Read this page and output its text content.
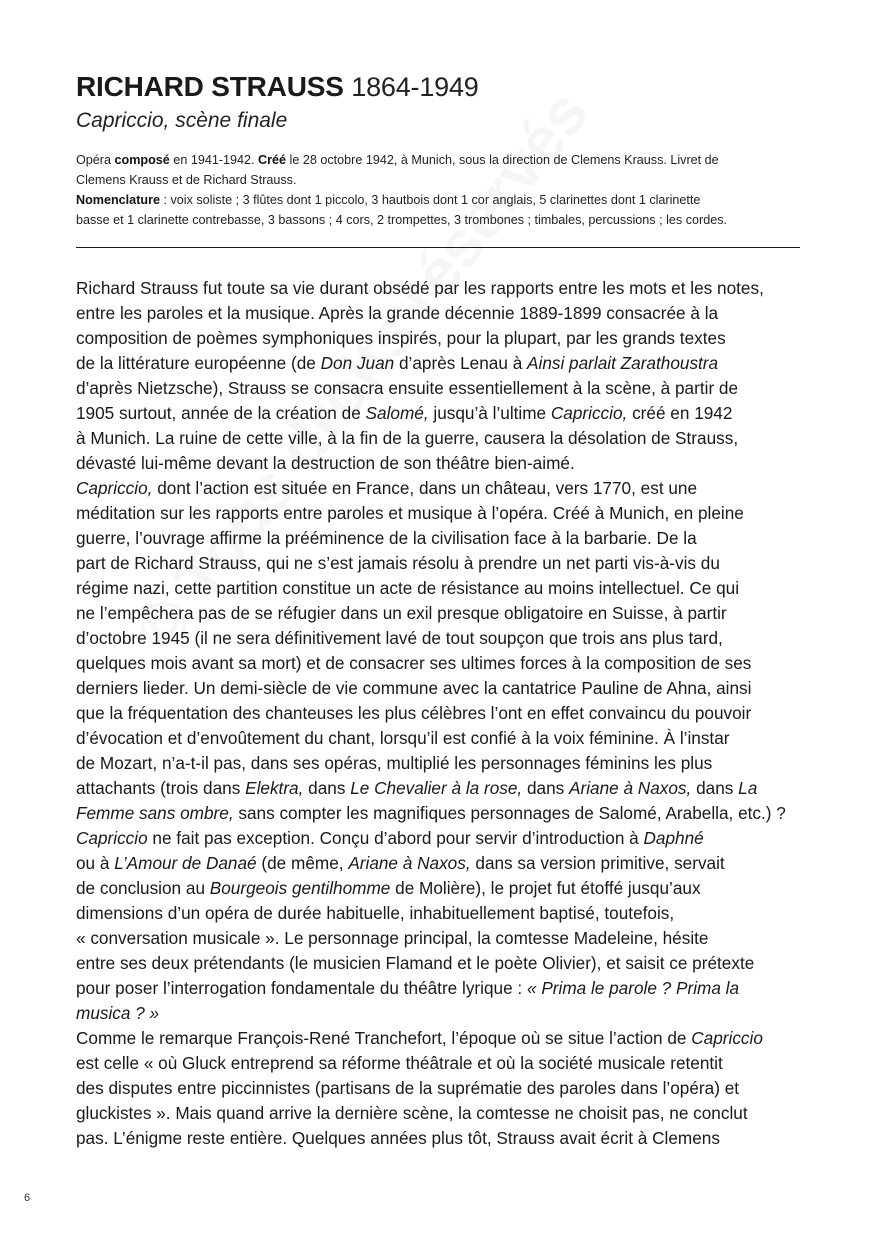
RICHARD STRAUSS 1864-1949
Capriccio, scène finale
Opéra composé en 1941-1942. Créé le 28 octobre 1942, à Munich, sous la direction de Clemens Krauss. Livret de
Clemens Krauss et de Richard Strauss.
Nomenclature : voix soliste ; 3 flûtes dont 1 piccolo, 3 hautbois dont 1 cor anglais, 5 clarinettes dont 1 clarinette
basse et 1 clarinette contrebasse, 3 bassons ; 4 cors, 2 trompettes, 3 trombones ; timbales, percussions ; les cordes.
Richard Strauss fut toute sa vie durant obsédé par les rapports entre les mots et les notes,
entre les paroles et la musique. Après la grande décennie 1889-1899 consacrée à la
composition de poèmes symphoniques inspirés, pour la plupart, par les grands textes
de la littérature européenne (de Don Juan d’après Lenau à Ainsi parlait Zarathoustra
d’après Nietzsche), Strauss se consacra ensuite essentiellement à la scène, à partir de
1905 surtout, année de la création de Salomé, jusqu’à l’ultime Capriccio, créé en 1942
à Munich. La ruine de cette ville, à la fin de la guerre, causera la désolation de Strauss,
dévasté lui-même devant la destruction de son théâtre bien-aimé.
Capriccio, dont l’action est située en France, dans un château, vers 1770, est une
méditation sur les rapports entre paroles et musique à l’opéra. Créé à Munich, en pleine
guerre, l’ouvrage affirme la prééminence de la civilisation face à la barbarie. De la
part de Richard Strauss, qui ne s’est jamais résolu à prendre un net parti vis-à-vis du
régime nazi, cette partition constitue un acte de résistance au moins intellectuel. Ce qui
ne l’empêchera pas de se réfugier dans un exil presque obligatoire en Suisse, à partir
d’octobre 1945 (il ne sera définitivement lavé de tout soupçon que trois ans plus tard,
quelques mois avant sa mort) et de consacrer ses ultimes forces à la composition de ses
derniers lieder. Un demi-siècle de vie commune avec la cantatrice Pauline de Ahna, ainsi
que la fréquentation des chanteuses les plus célèbres l’ont en effet convaincu du pouvoir
d’évocation et d’envoûtement du chant, lorsqu’il est confié à la voix féminine. À l’instar
de Mozart, n’a-t-il pas, dans ses opéras, multiplié les personnages féminins les plus
attachants (trois dans Elektra, dans Le Chevalier à la rose, dans Ariane à Naxos, dans La
Femme sans ombre, sans compter les magnifiques personnages de Salomé, Arabella, etc.) ?
Capriccio ne fait pas exception. Conçu d’abord pour servir d’introduction à Daphné
ou à L’Amour de Danaé (de même, Ariane à Naxos, dans sa version primitive, servait
de conclusion au Bourgeois gentilhomme de Molière), le projet fut étoffé jusqu’aux
dimensions d’un opéra de durée habituelle, inhabituellement baptisé, toutefois,
« conversation musicale ». Le personnage principal, la comtesse Madeleine, hésite
entre ses deux prétendants (le musicien Flamand et le poète Olivier), et saisit ce prétexte
pour poser l’interrogation fondamentale du théâtre lyrique : « Prima le parole ? Prima la
musica ? »
Comme le remarque François-René Tranchefort, l’époque où se situe l’action de Capriccio
est celle « où Gluck entreprend sa réforme théâtrale et où la société musicale retentit
des disputes entre piccinnistes (partisans de la suprématie des paroles dans l’opéra) et
gluckistes ». Mais quand arrive la dernière scène, la comtesse ne choisit pas, ne conclut
pas. L’énigme reste entière. Quelques années plus tôt, Strauss avait écrit à Clemens
6
